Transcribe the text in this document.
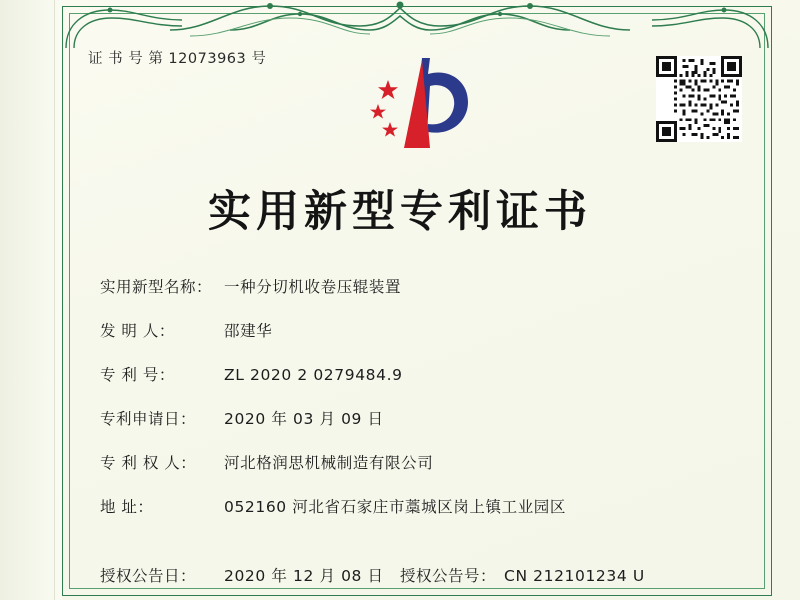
证 书 号 第 12073963 号
实用新型专利证书
实用新型名称： 一种分切机收卷压辊装置
发 明 人：	邵建华
专 利 号：	ZL 2020 2 0279484.9
专利申请日：	2020 年 03 月 09 日
专 利 权 人：	河北格润思机械制造有限公司
地 址：	052160 河北省石家庄市藁城区岗上镇工业园区
授权公告日：	2020 年 12 月 08 日	授权公告号： CN 212101234 U
